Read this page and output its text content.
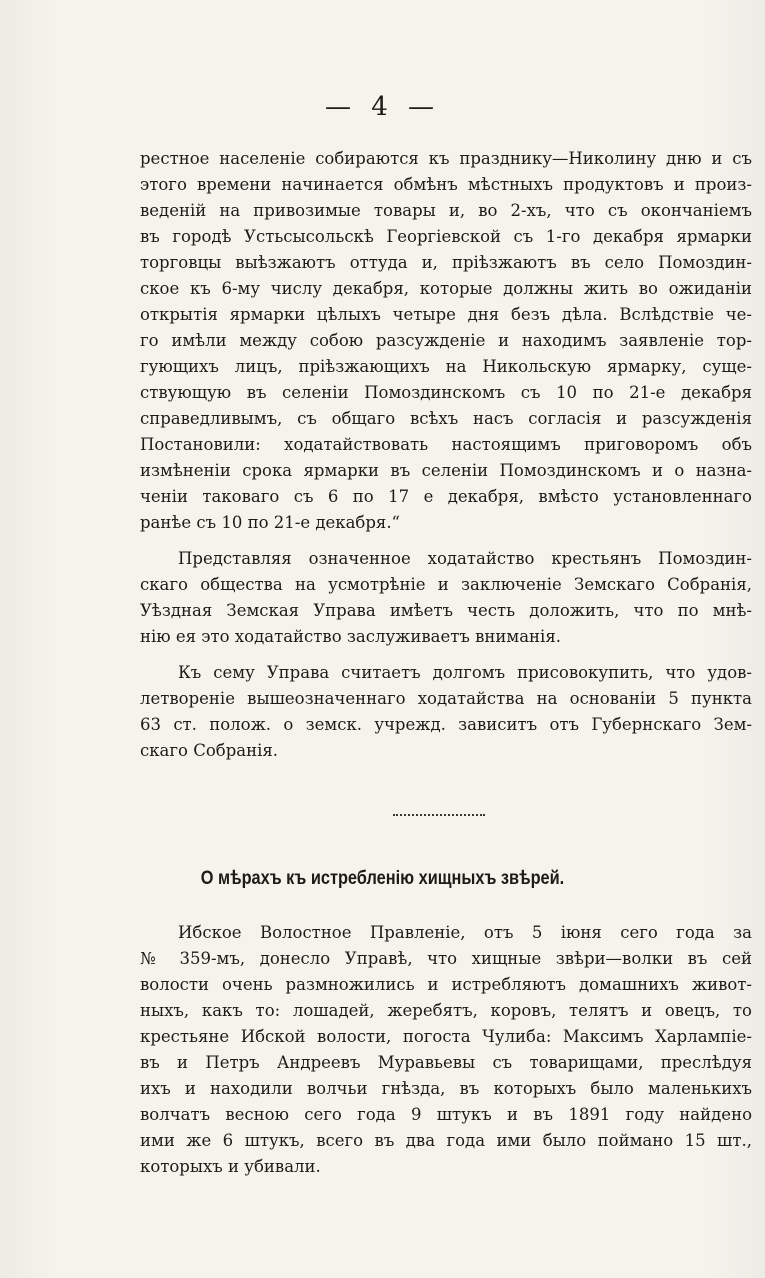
— 4 —
рестное населеніе собираются къ празднику—Николину дню и съ
этого времени начинается обмѣнъ мѣстныхъ продуктовъ и произ-
веденій на привозимые товары и, во 2-хъ, что съ окончаніемъ
въ городѣ Устьсысольскѣ Георгіевской съ 1-го декабря ярмарки
торговцы выѣзжаютъ оттуда и, пріѣзжаютъ въ село Помоздин-
ское къ 6-му числу декабря, которые должны жить во ожиданіи
открытія ярмарки цѣлыхъ четыре дня безъ дѣла. Вслѣдствіе че-
го имѣли между собою разсужденіе и находимъ заявленіе тор-
гующихъ лицъ, пріѣзжающихъ на Никольскую ярмарку, суще-
ствующую въ селеніи Помоздинскомъ съ 10 по 21-е декабря
справедливымъ, съ общаго всѣхъ насъ согласія и разсужденія
Постановили: ходатайствовать настоящимъ приговоромъ объ
измѣненіи срока ярмарки въ селеніи Помоздинскомъ и о назна-
ченіи таковаго съ 6 по 17 е декабря, вмѣсто установленнаго
ранѣе съ 10 по 21-е декабря.“
Представляя означенное ходатайство крестьянъ Помоздин-
скаго общества на усмотрѣніе и заключеніе Земскаго Собранія,
Уѣздная Земская Управа имѣетъ честь доложить, что по мнѣ-
нію ея это ходатайство заслуживаетъ вниманія.
Къ сему Управа считаетъ долгомъ присовокупить, что удов-
летвореніе вышеозначеннаго ходатайства на основаніи 5 пункта
63 ст. полож. о земск. учрежд. зависитъ отъ Губернскаго Зем-
скаго Собранія.
О мѣрахъ къ истребленію хищныхъ звѣрей.
Ибское Волостное Правленіе, отъ 5 іюня сего года за
№ 359-мъ, донесло Управѣ, что хищные звѣри—волки въ сей
волости очень размножились и истребляютъ домашнихъ живот-
ныхъ, какъ то: лошадей, жеребятъ, коровъ, телятъ и овецъ, то
крестьяне Ибской волости, погоста Чулиба: Максимъ Харлампіе-
въ и Петръ Андреевъ Муравьевы съ товарищами, преслѣдуя
ихъ и находили волчьи гнѣзда, въ которыхъ было маленькихъ
волчатъ весною сего года 9 штукъ и въ 1891 году найдено
ими же 6 штукъ, всего въ два года ими было поймано 15 шт.,
которыхъ и убивали.
